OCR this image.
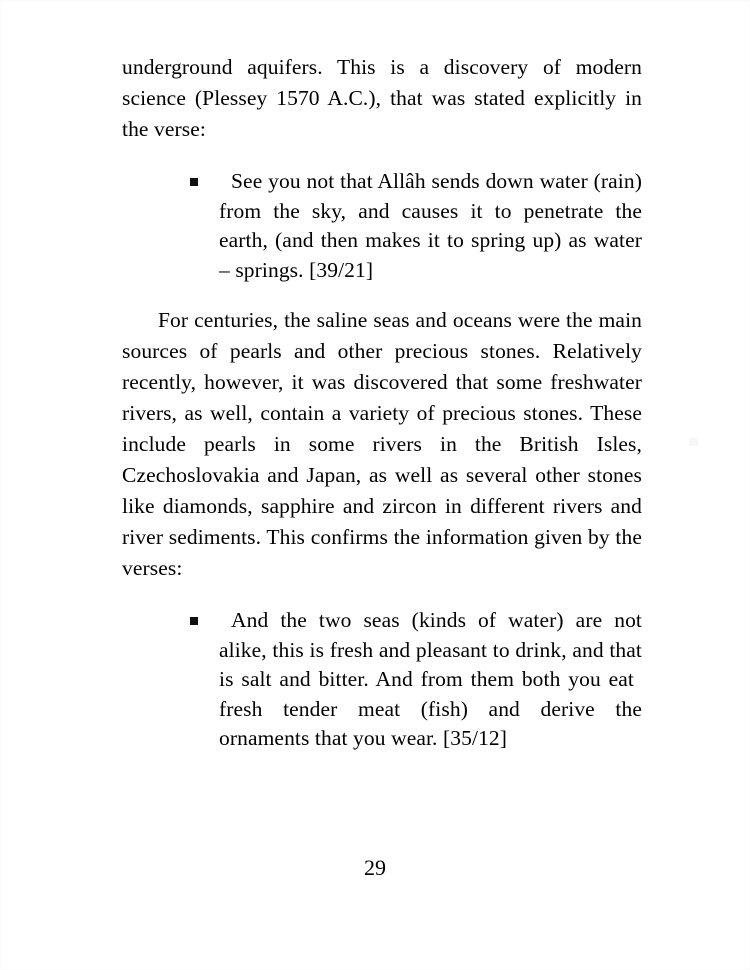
underground aquifers. This is a discovery of modern science (Plessey 1570 A.C.), that was stated explicitly in the verse:

See you not that Allâh sends down water (rain) from the sky, and causes it to penetrate the earth, (and then makes it to spring up) as water – springs. [39/21]

For centuries, the saline seas and oceans were the main sources of pearls and other precious stones. Relatively recently, however, it was discovered that some freshwater rivers, as well, contain a variety of precious stones. These include pearls in some rivers in the British Isles, Czechoslovakia and Japan, as well as several other stones like diamonds, sapphire and zircon in different rivers and river sediments. This confirms the information given by the verses:

And the two seas (kinds of water) are not alike, this is fresh and pleasant to drink, and that is salt and bitter. And from them both you eatfresh tender meat (fish) and derive the ornaments that you wear. [35/12]

29
